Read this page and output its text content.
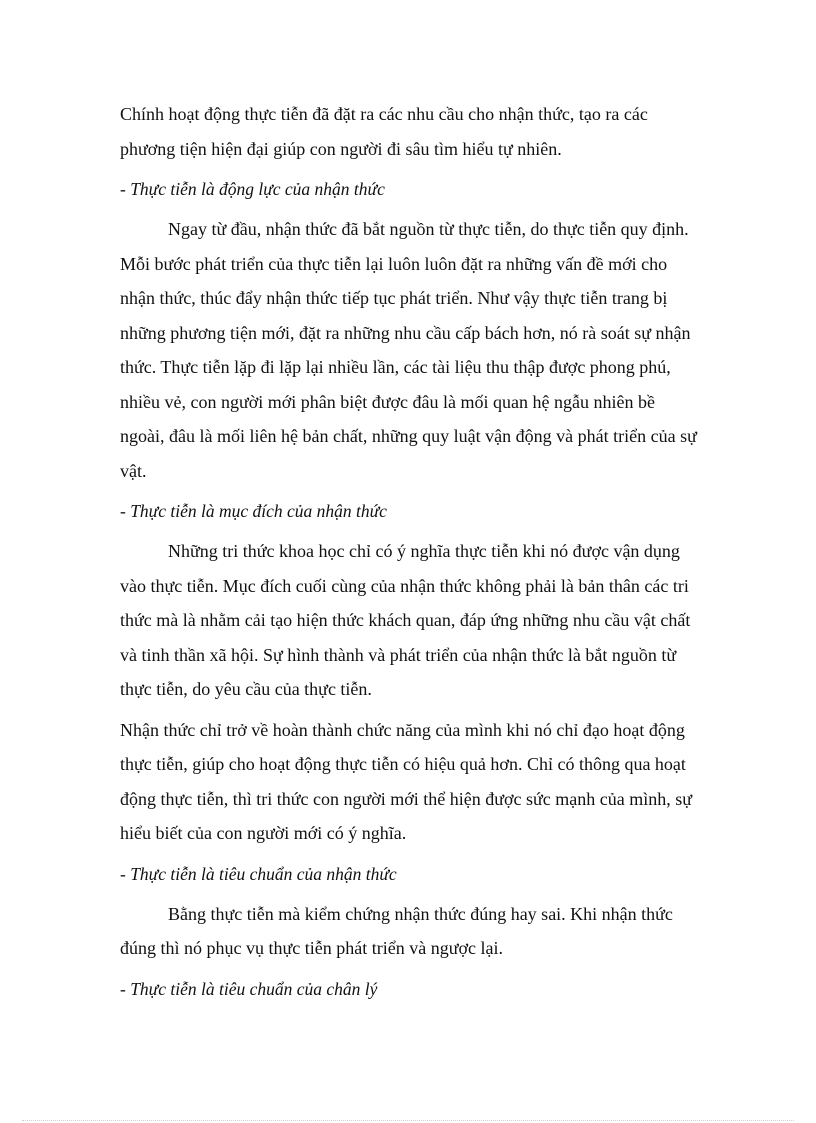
Chính hoạt động thực tiễn đã đặt ra các nhu cầu cho nhận thức, tạo ra các phương tiện hiện đại giúp con người đi sâu tìm hiểu tự nhiên.

- Thực tiễn là động lực của nhận thức

Ngay từ đầu, nhận thức đã bắt nguồn từ thực tiễn, do thực tiễn quy định. Mỗi bước phát triển của thực tiễn lại luôn luôn đặt ra những vấn đề mới cho nhận thức, thúc đẩy nhận thức tiếp tục phát triển. Như vậy thực tiễn trang bị những phương tiện mới, đặt ra những nhu cầu cấp bách hơn, nó rà soát sự nhận thức. Thực tiễn lặp đi lặp lại nhiều lần, các tài liệu thu thập được phong phú, nhiều vẻ, con người mới phân biệt được đâu là mối quan hệ ngẫu nhiên bề ngoài, đâu là mối liên hệ bản chất, những quy luật vận động và phát triển của sự vật.

- Thực tiễn là mục đích của nhận thức

Những tri thức khoa học chỉ có ý nghĩa thực tiễn khi nó được vận dụng vào thực tiễn. Mục đích cuối cùng của nhận thức không phải là bản thân các tri thức mà là nhằm cải tạo hiện thức khách quan, đáp ứng những nhu cầu vật chất và tinh thần xã hội. Sự hình thành và phát triển của nhận thức là bắt nguồn từ thực tiễn, do yêu cầu của thực tiễn.

Nhận thức chỉ trở về hoàn thành chức năng của mình khi nó chỉ đạo hoạt động thực tiễn, giúp cho hoạt động thực tiễn có hiệu quả hơn. Chỉ có thông qua hoạt động thực tiễn, thì tri thức con người mới thể hiện được sức mạnh của mình, sự hiểu biết của con người mới có ý nghĩa.

- Thực tiễn là tiêu chuẩn của nhận thức

Bằng thực tiễn mà kiểm chứng nhận thức đúng hay sai. Khi nhận thức đúng thì nó phục vụ thực tiễn phát triển và ngược lại.

- Thực tiễn là tiêu chuẩn của chân lý
